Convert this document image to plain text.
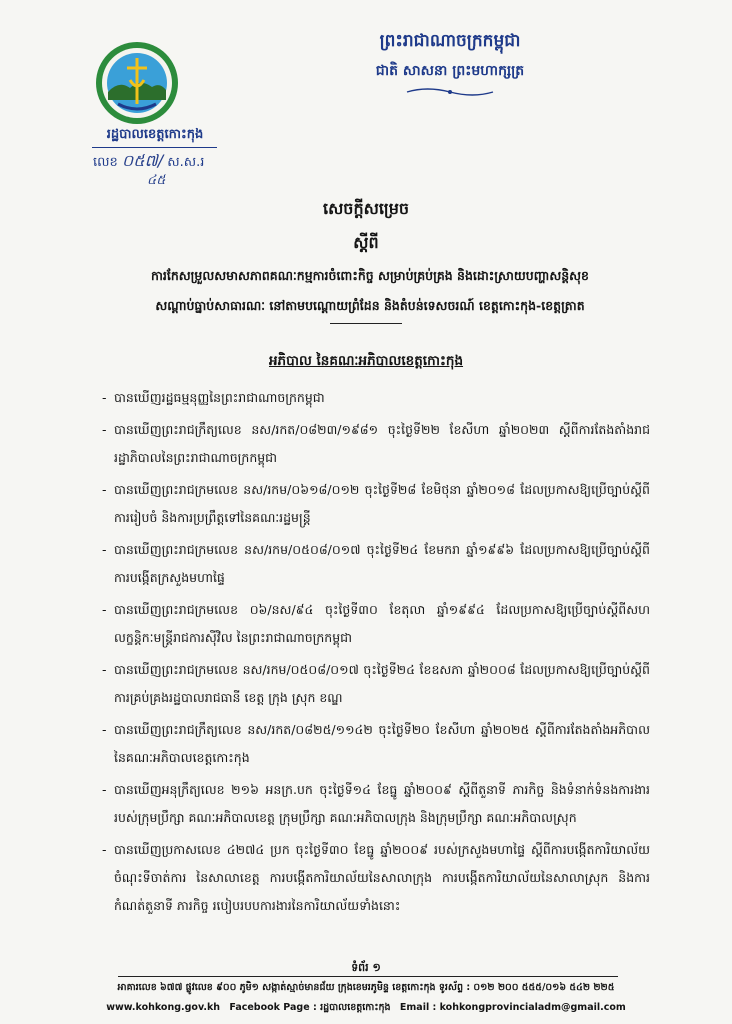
ព្រះរាជាណាចក្រកម្ពុជា
ជាតិ សាសនា ព្រះមហាក្សត្រ
រដ្ឋបាលខេត្តកោះកុង
លេខ ០៥៧/ ស.ស.រ
៤៥
សេចក្ដីសម្រេច
ស្ដីពី
ការកែសម្រួលសមាសភាពគណៈកម្មការចំពោះកិច្ច សម្រាប់គ្រប់គ្រង និងដោះស្រាយបញ្ហាសន្តិសុខ
សណ្ដាប់ធ្នាប់សាធារណៈ នៅតាមបណ្ដោយព្រំដែន និងតំបន់ទេសចរណ៍ ខេត្តកោះកុង-ខេត្តត្រាត
អភិបាល នៃគណៈអភិបាលខេត្តកោះកុង
- បានឃើញរដ្ឋធម្មនុញ្ញនៃព្រះរាជាណាចក្រកម្ពុជា
- បានឃើញព្រះរាជក្រឹត្យលេខ នស/រកត/០៨២៣/១៩៨១ ចុះថ្ងៃទី២២ ខែសីហា ឆ្នាំ២០២៣ ស្ដីពីការតែងតាំងរាជរដ្ឋាភិបាលនៃព្រះរាជាណាចក្រកម្ពុជា
- បានឃើញព្រះរាជក្រមលេខ នស/រកម/០៦១៨/០១២ ចុះថ្ងៃទី២៨ ខែមិថុនា ឆ្នាំ២០១៨ ដែលប្រកាសឱ្យប្រើច្បាប់ស្ដីពីការរៀបចំ និងការប្រព្រឹត្តទៅនៃគណៈរដ្ឋមន្ត្រី
- បានឃើញព្រះរាជក្រមលេខ នស/រកម/០៥០៨/០១៧ ចុះថ្ងៃទី២៤ ខែមករា ឆ្នាំ១៩៩៦ ដែលប្រកាសឱ្យប្រើច្បាប់ស្ដីពីការបង្កើតក្រសួងមហាផ្ទៃ
- បានឃើញព្រះរាជក្រមលេខ ០៦/នស/៩៤ ចុះថ្ងៃទី៣០ ខែតុលា ឆ្នាំ១៩៩៤ ដែលប្រកាសឱ្យប្រើច្បាប់ស្ដីពីសហលក្ខន្តិកៈមន្ត្រីរាជការស៊ីវិល នៃព្រះរាជាណាចក្រកម្ពុជា
- បានឃើញព្រះរាជក្រមលេខ នស/រកម/០៥០៨/០១៧ ចុះថ្ងៃទី២៤ ខែឧសភា ឆ្នាំ២០០៨ ដែលប្រកាសឱ្យប្រើច្បាប់ស្ដីពីការគ្រប់គ្រងរដ្ឋបាលរាជធានី ខេត្ត ក្រុង ស្រុក ខណ្ឌ
- បានឃើញព្រះរាជក្រឹត្យលេខ នស/រកត/០៨២៥/១១៤២ ចុះថ្ងៃទី២០ ខែសីហា ឆ្នាំ២០២៥ ស្ដីពីការតែងតាំងអភិបាល នៃគណៈអភិបាលខេត្តកោះកុង
- បានឃើញអនុក្រឹត្យលេខ ២១៦ អនក្រ.បក ចុះថ្ងៃទី១៤ ខែធ្នូ ឆ្នាំ២០០៩ ស្ដីពីតួនាទី ភារកិច្ច និងទំនាក់ទំនងការងាររបស់ក្រុមប្រឹក្សា គណៈអភិបាលខេត្ត ក្រុមប្រឹក្សា គណៈអភិបាលក្រុង និងក្រុមប្រឹក្សា គណៈអភិបាលស្រុក
- បានឃើញប្រកាសលេខ ៤២៧៤ ប្រក ចុះថ្ងៃទី៣០ ខែធ្នូ ឆ្នាំ២០០៩ របស់ក្រសួងមហាផ្ទៃ ស្ដីពីការបង្កើតការិយាល័យចំណុះទីចាត់ការ នៃសាលាខេត្ត ការបង្កើតការិយាល័យនៃសាលាក្រុង ការបង្កើតការិយាល័យនៃសាលាស្រុក និងការកំណត់តួនាទី ភារកិច្ច របៀបរបបការងារនៃការិយាល័យទាំងនោះ
ទំព័រ ១
អាគារលេខ ៦៧៧ ផ្លូវលេខ ៩០០ ភូមិ១ សង្កាត់ស្មាច់មានជ័យ ក្រុងខេមរភូមិន្ទ ខេត្តកោះកុង ទូរស័ព្ទ : ០១២ ២០០ ៥៥៥/០១៦ ៥៤២ ២២៥
www.kohkong.gov.kh Facebook Page : រដ្ឋបាលខេត្តកោះកុង Email : kohkongprovincialadm@gmail.com
